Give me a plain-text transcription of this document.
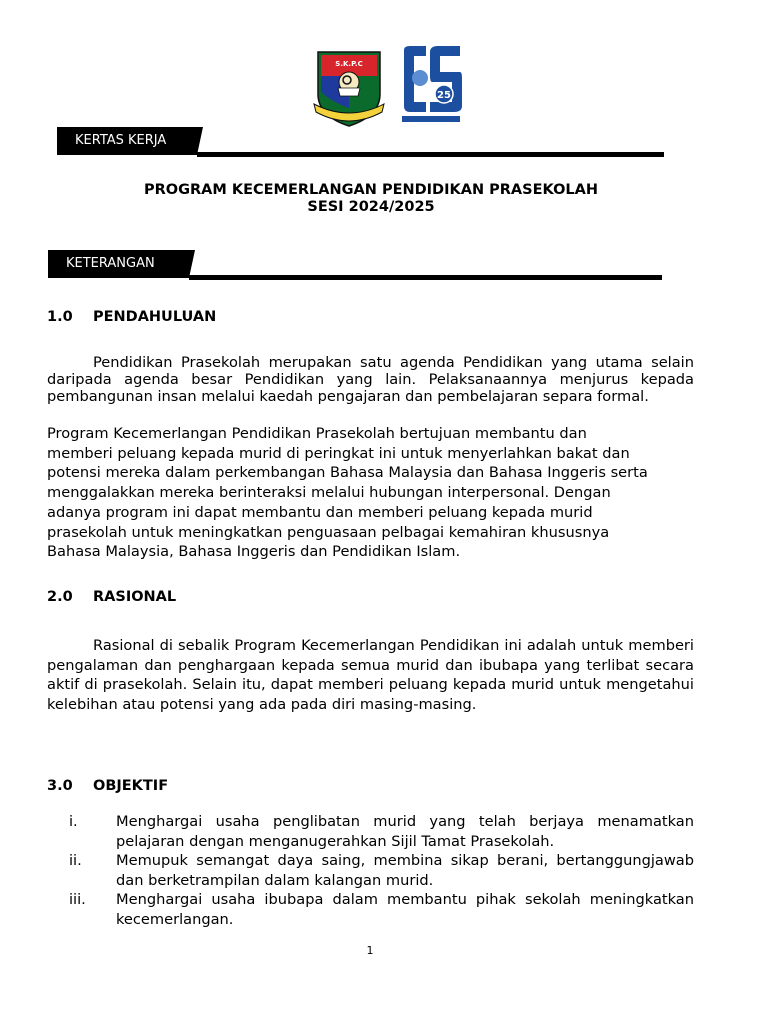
S.K.P.C
25
KERTAS KERJA
PROGRAM KECEMERLANGAN PENDIDIKAN PRASEKOLAH
SESI 2024/2025
KETERANGAN
1.0 PENDAHULUAN

Pendidikan Prasekolah merupakan satu agenda Pendidikan yang utama selain daripada agenda besar Pendidikan yang lain. Pelaksanaannya menjurus kepada pembangunan insan melalui kaedah pengajaran dan pembelajaran separa formal.

Program Kecemerlangan Pendidikan Prasekolah bertujuan membantu dan
memberi peluang kepada murid di peringkat ini untuk menyerlahkan bakat dan
potensi mereka dalam perkembangan Bahasa Malaysia dan Bahasa Inggeris serta
menggalakkan mereka berinteraksi melalui hubungan interpersonal. Dengan
adanya program ini dapat membantu dan memberi peluang kepada murid
prasekolah untuk meningkatkan penguasaan pelbagai kemahiran khususnya
Bahasa Malaysia, Bahasa Inggeris dan Pendidikan Islam.
2.0 RASIONAL

Rasional di sebalik Program Kecemerlangan Pendidikan ini adalah untuk memberi pengalaman dan penghargaan kepada semua murid dan ibubapa yang terlibat secara aktif di prasekolah. Selain itu, dapat memberi peluang kepada murid untuk mengetahui kelebihan atau potensi yang ada pada diri masing-masing.

3.0 OBJEKTIF
i.	Menghargai usaha penglibatan murid yang telah berjaya menamatkan pelajaran dengan menganugerahkan Sijil Tamat Prasekolah.
ii. Memupuk semangat daya saing, membina sikap berani, bertanggungjawab dan berketrampilan dalam kalangan murid.
iii. Menghargai usaha ibubapa dalam membantu pihak sekolah meningkatkan kecemerlangan.
1
